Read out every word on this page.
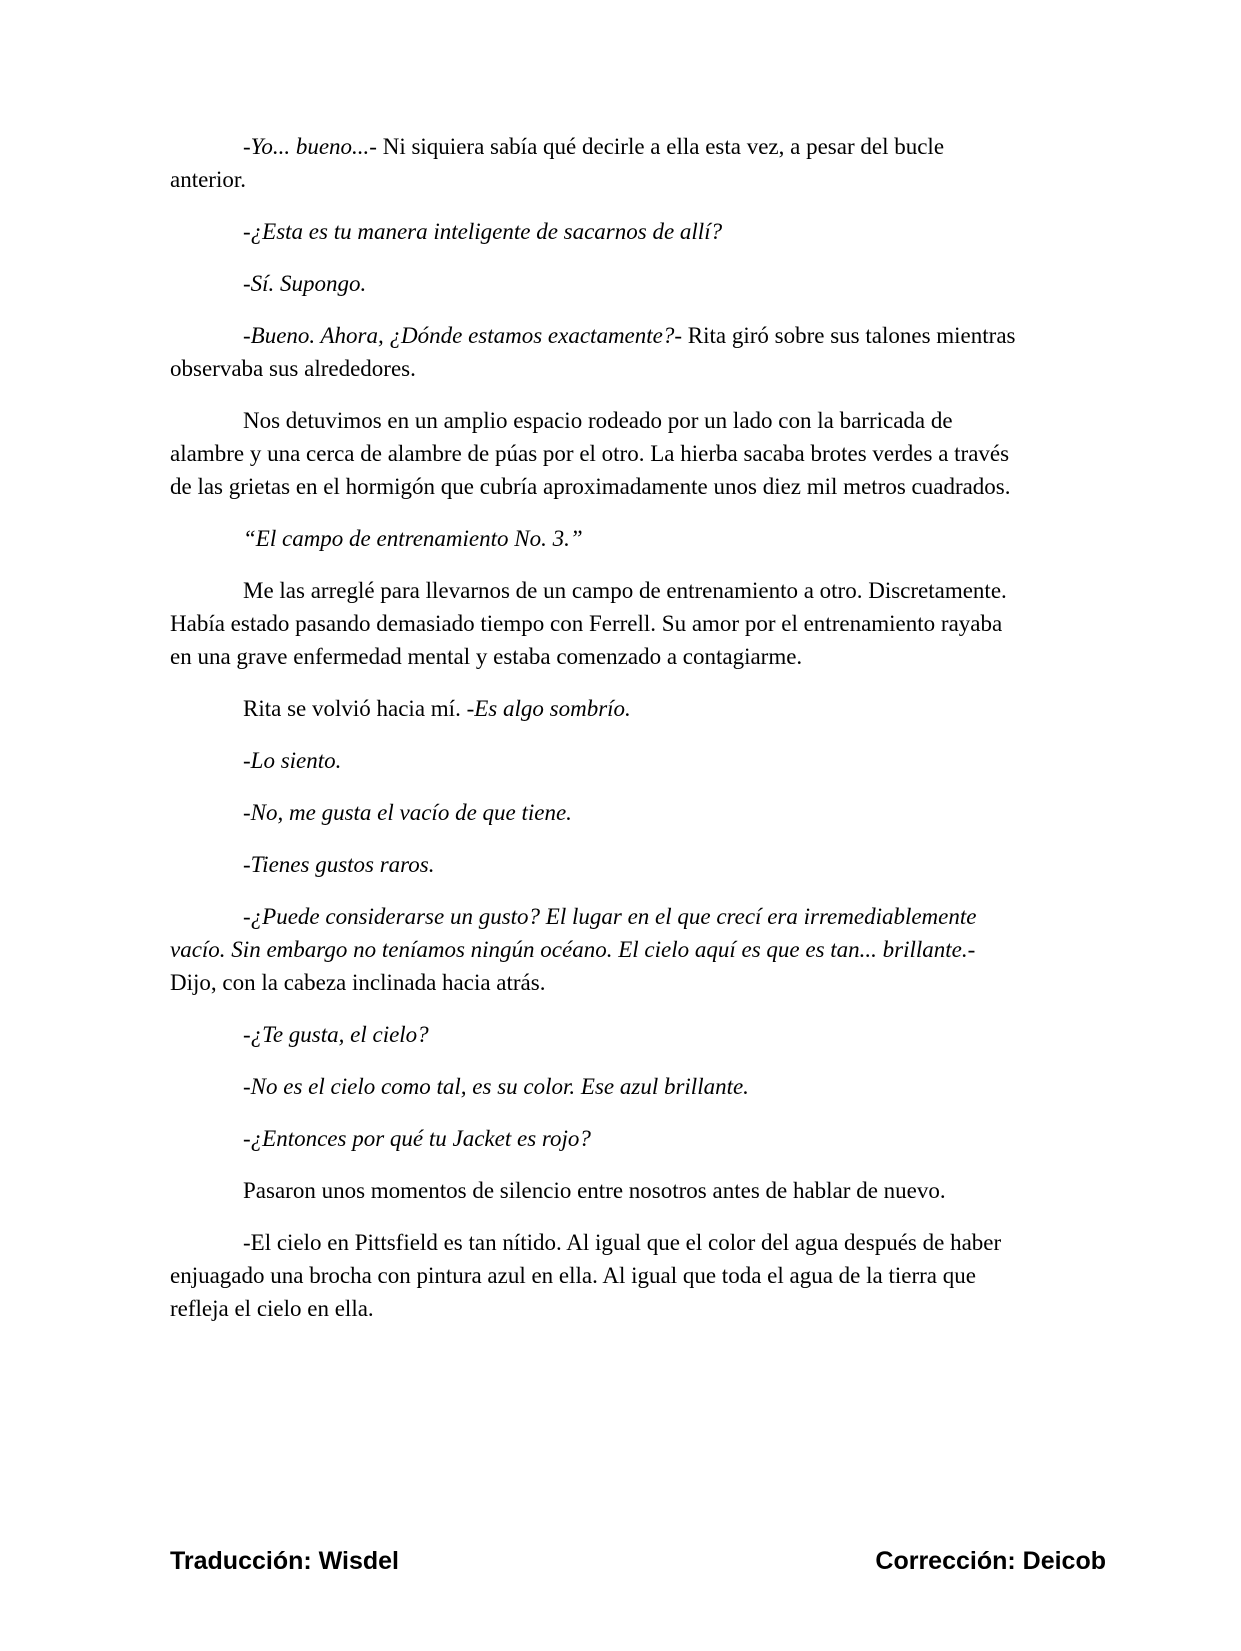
-Yo... bueno...- Ni siquiera sabía qué decirle a ella esta vez, a pesar del bucle anterior.

-¿Esta es tu manera inteligente de sacarnos de allí?

-Sí. Supongo.

-Bueno. Ahora, ¿Dónde estamos exactamente?- Rita giró sobre sus talones mientras observaba sus alrededores.

Nos detuvimos en un amplio espacio rodeado por un lado con la barricada de alambre y una cerca de alambre de púas por el otro. La hierba sacaba brotes verdes a través de las grietas en el hormigón que cubría aproximadamente unos diez mil metros cuadrados.

“El campo de entrenamiento No. 3.”

Me las arreglé para llevarnos de un campo de entrenamiento a otro. Discretamente. Había estado pasando demasiado tiempo con Ferrell. Su amor por el entrenamiento rayaba en una grave enfermedad mental y estaba comenzado a contagiarme.

Rita se volvió hacia mí. -Es algo sombrío.

-Lo siento.

-No, me gusta el vacío de que tiene.

-Tienes gustos raros.

-¿Puede considerarse un gusto? El lugar en el que crecí era irremediablemente vacío. Sin embargo no teníamos ningún océano. El cielo aquí es que es tan... brillante.- Dijo, con la cabeza inclinada hacia atrás.

-¿Te gusta, el cielo?

-No es el cielo como tal, es su color. Ese azul brillante.

-¿Entonces por qué tu Jacket es rojo?

Pasaron unos momentos de silencio entre nosotros antes de hablar de nuevo.

-El cielo en Pittsfield es tan nítido. Al igual que el color del agua después de haber enjuagado una brocha con pintura azul en ella. Al igual que toda el agua de la tierra que refleja el cielo en ella.

Traducción: Wisdel	Corrección: Deicob
